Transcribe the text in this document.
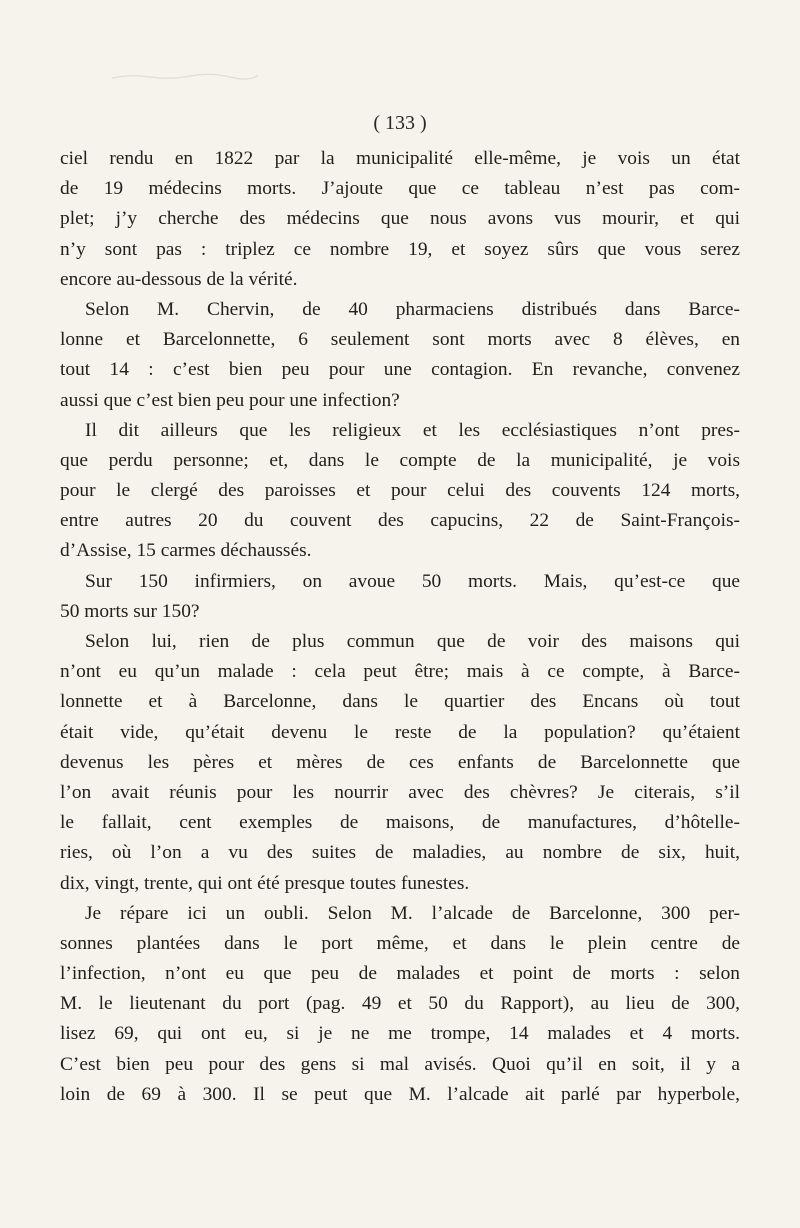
( 133 )
ciel rendu en 1822 par la municipalité elle-même, je vois un état
de 19 médecins morts. J’ajoute que ce tableau n’est pas com-
plet; j’y cherche des médecins que nous avons vus mourir, et qui
n’y sont pas : triplez ce nombre 19, et soyez sûrs que vous serez
encore au-dessous de la vérité.
Selon M. Chervin, de 40 pharmaciens distribués dans Barce-
lonne et Barcelonnette, 6 seulement sont morts avec 8 élèves, en
tout 14 : c’est bien peu pour une contagion. En revanche, convenez
aussi que c’est bien peu pour une infection?
Il dit ailleurs que les religieux et les ecclésiastiques n’ont pres-
que perdu personne; et, dans le compte de la municipalité, je vois
pour le clergé des paroisses et pour celui des couvents 124 morts,
entre autres 20 du couvent des capucins, 22 de Saint-François-
d’Assise, 15 carmes déchaussés.
Sur 150 infirmiers, on avoue 50 morts. Mais, qu’est-ce que
50 morts sur 150?
Selon lui, rien de plus commun que de voir des maisons qui
n’ont eu qu’un malade : cela peut être; mais à ce compte, à Barce-
lonnette et à Barcelonne, dans le quartier des Encans où tout
était vide, qu’était devenu le reste de la population? qu’étaient
devenus les pères et mères de ces enfants de Barcelonnette que
l’on avait réunis pour les nourrir avec des chèvres? Je citerais, s’il
le fallait, cent exemples de maisons, de manufactures, d’hôtelle-
ries, où l’on a vu des suites de maladies, au nombre de six, huit,
dix, vingt, trente, qui ont été presque toutes funestes.
Je répare ici un oubli. Selon M. l’alcade de Barcelonne, 300 per-
sonnes plantées dans le port même, et dans le plein centre de
l’infection, n’ont eu que peu de malades et point de morts : selon
M. le lieutenant du port (pag. 49 et 50 du Rapport), au lieu de 300,
lisez 69, qui ont eu, si je ne me trompe, 14 malades et 4 morts.
C’est bien peu pour des gens si mal avisés. Quoi qu’il en soit, il y a
loin de 69 à 300. Il se peut que M. l’alcade ait parlé par hyperbole,
